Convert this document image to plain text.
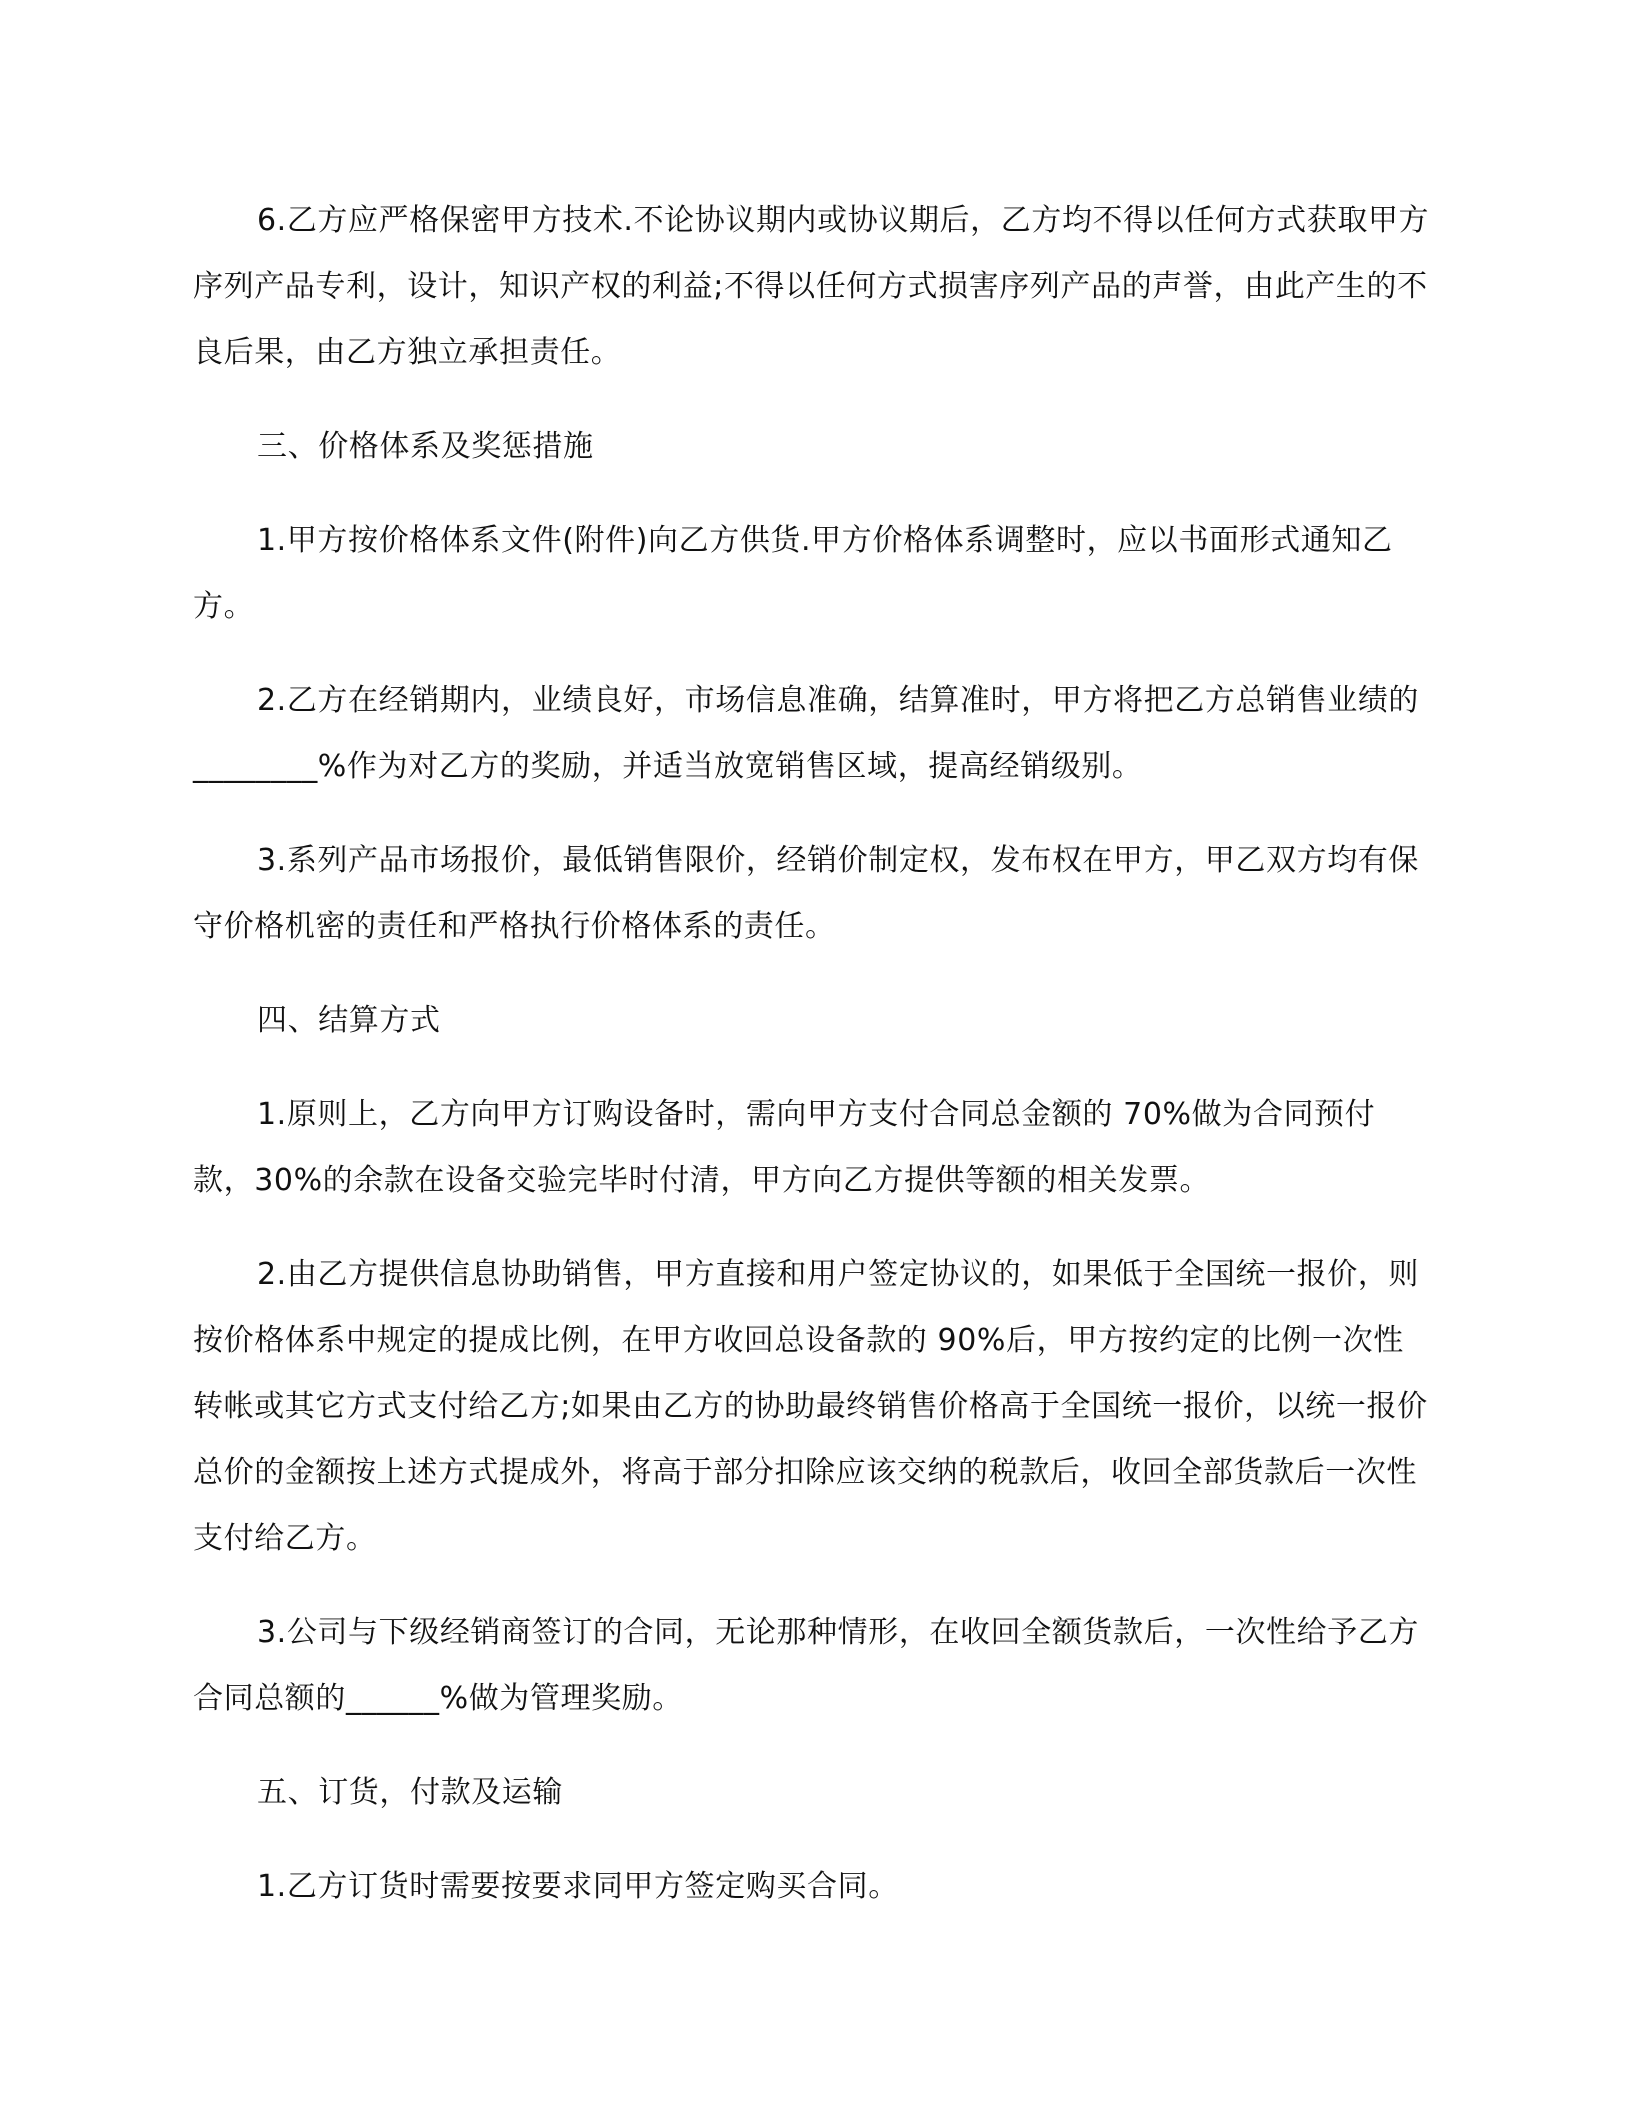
6.乙方应严格保密甲方技术.不论协议期内或协议期后，乙方均不得以任何方式获取甲方序列产品专利，设计，知识产权的利益;不得以任何方式损害序列产品的声誉，由此产生的不良后果，由乙方独立承担责任。

三、价格体系及奖惩措施

1.甲方按价格体系文件(附件)向乙方供货.甲方价格体系调整时，应以书面形式通知乙方。

2.乙方在经销期内，业绩良好，市场信息准确，结算准时，甲方将把乙方总销售业绩的________%作为对乙方的奖励，并适当放宽销售区域，提高经销级别。

3.系列产品市场报价，最低销售限价，经销价制定权，发布权在甲方，甲乙双方均有保守价格机密的责任和严格执行价格体系的责任。

四、结算方式

1.原则上，乙方向甲方订购设备时，需向甲方支付合同总金额的 70%做为合同预付款，30%的余款在设备交验完毕时付清，甲方向乙方提供等额的相关发票。

2.由乙方提供信息协助销售，甲方直接和用户签定协议的，如果低于全国统一报价，则按价格体系中规定的提成比例，在甲方收回总设备款的 90%后，甲方按约定的比例一次性转帐或其它方式支付给乙方;如果由乙方的协助最终销售价格高于全国统一报价，以统一报价总价的金额按上述方式提成外，将高于部分扣除应该交纳的税款后，收回全部货款后一次性支付给乙方。

3.公司与下级经销商签订的合同，无论那种情形，在收回全额货款后，一次性给予乙方合同总额的______%做为管理奖励。

五、订货，付款及运输

1.乙方订货时需要按要求同甲方签定购买合同。
